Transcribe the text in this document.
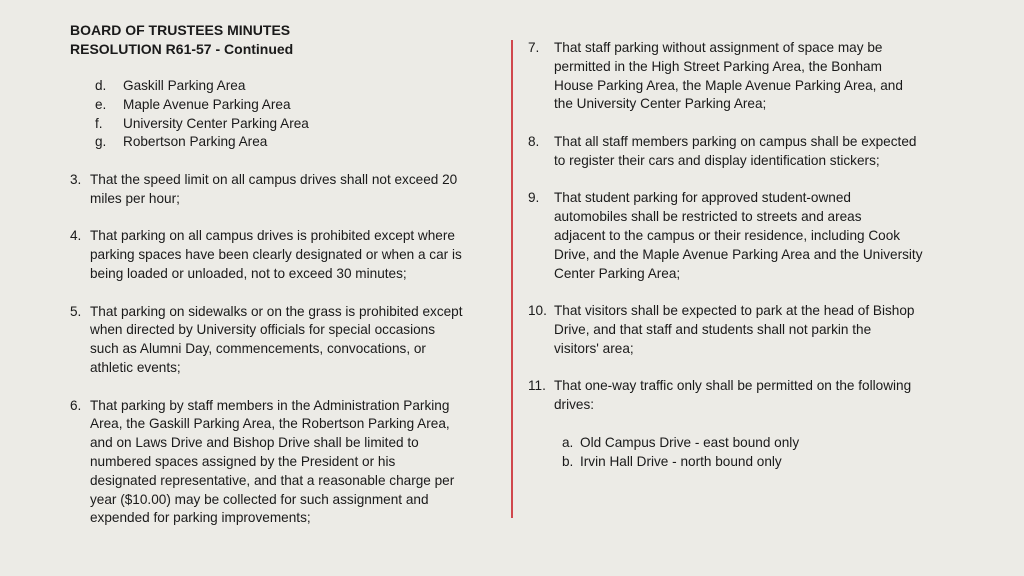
BOARD OF TRUSTEES MINUTES
RESOLUTION R61-57 - Continued
d.	Gaskill Parking Area
e.	Maple Avenue Parking Area
f.	University Center Parking Area
g.	Robertson Parking Area
3. That the speed limit on all campus drives shall not exceed 20
miles per hour;
4. That parking on all campus drives is prohibited except where
parking spaces have been clearly designated or when a car is
being loaded or unloaded, not to exceed 30 minutes;
5. That parking on sidewalks or on the grass is prohibited except
when directed by University officials for special occasions
such as Alumni Day, commencements, convocations, or
athletic events;
6. That parking by staff members in the Administration Parking
Area, the Gaskill Parking Area, the Robertson Parking Area,
and on Laws Drive and Bishop Drive shall be limited to
numbered spaces assigned by the President or his
designated representative, and that a reasonable charge per
year ($10.00) may be collected for such assignment and
expended for parking improvements;
7.	That staff parking without assignment of space may be
permitted in the High Street Parking Area, the Bonham
House Parking Area, the Maple Avenue Parking Area, and
the University Center Parking Area;
8.	That all staff members parking on campus shall be expected
to register their cars and display identification stickers;
9.	That student parking for approved student-owned
automobiles shall be restricted to streets and areas
adjacent to the campus or their residence, including Cook
Drive, and the Maple Avenue Parking Area and the University
Center Parking Area;
10. That visitors shall be expected to park at the head of Bishop
Drive, and that staff and students shall not parkin the
visitors' area;
11. That one-way traffic only shall be permitted on the following
drives:
a. Old Campus Drive - east bound only
b. Irvin Hall Drive - north bound only
